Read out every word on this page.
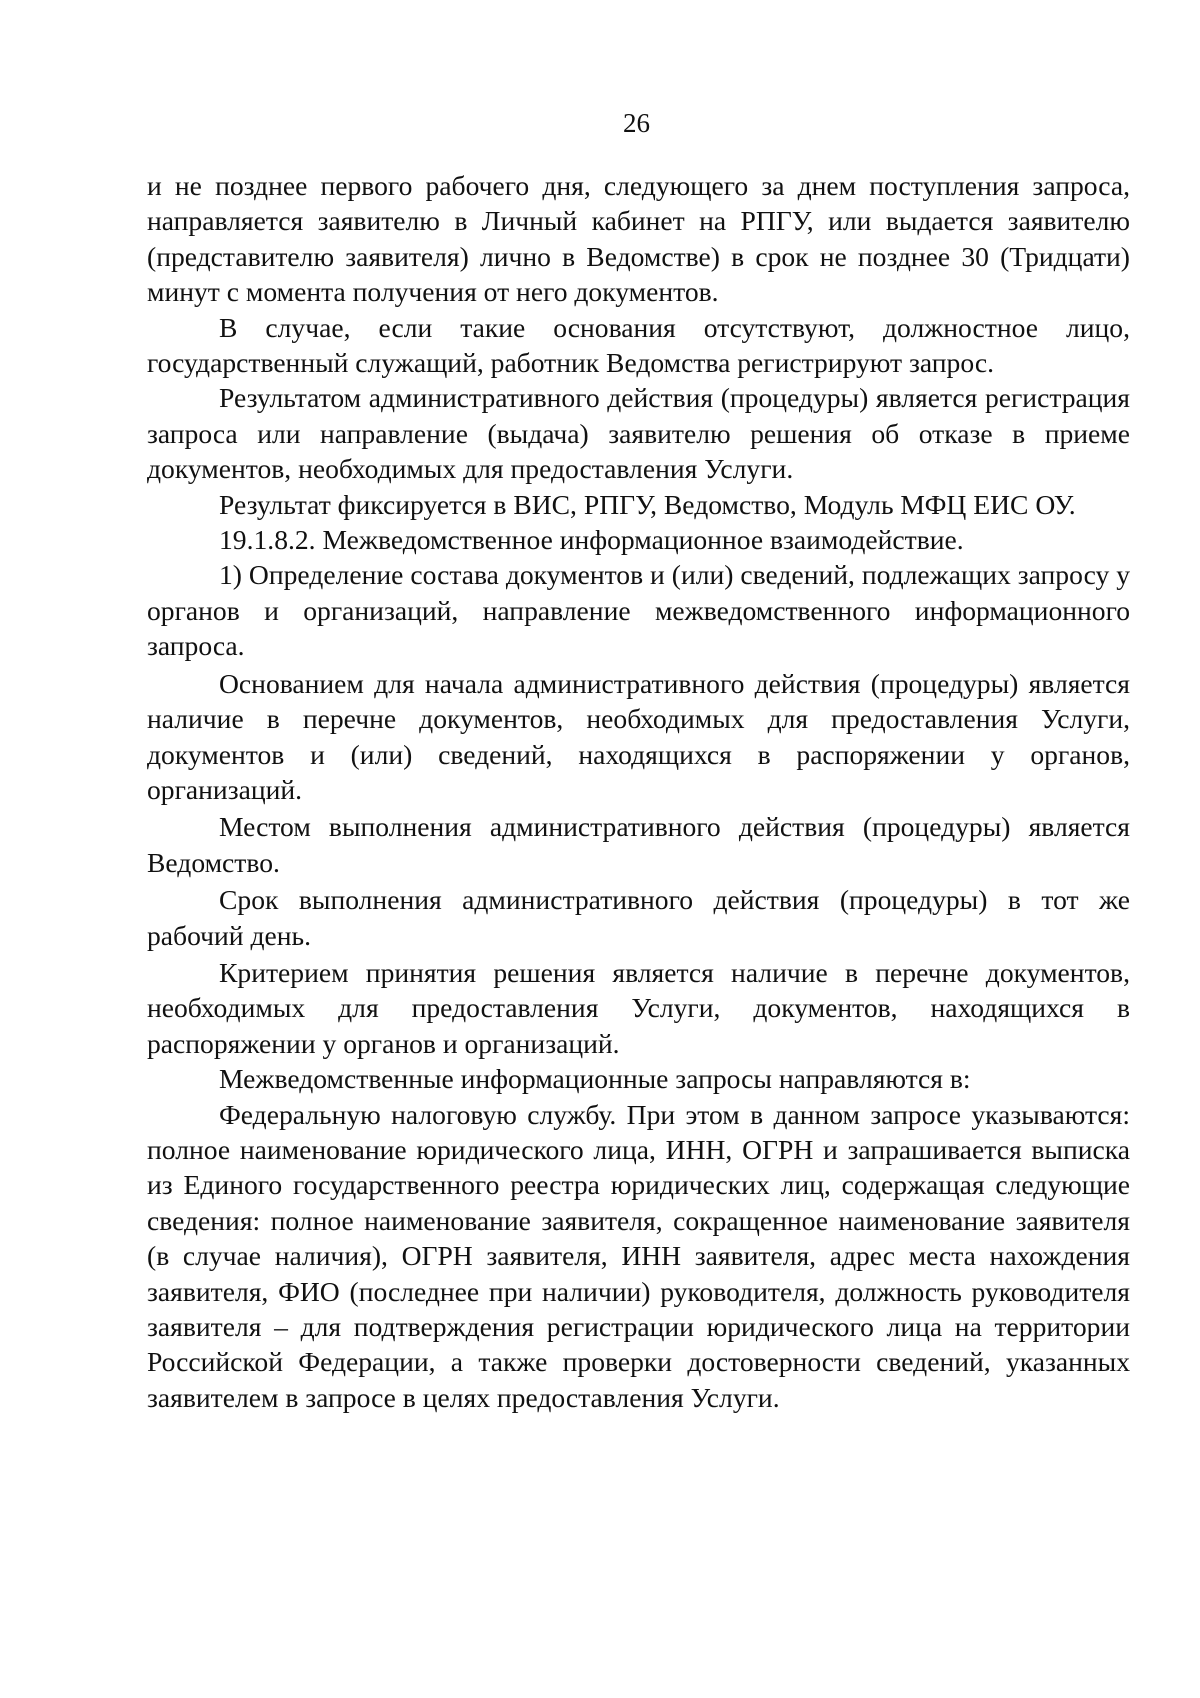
26

и не позднее первого рабочего дня, следующего за днем поступления запроса, направляется заявителю в Личный кабинет на РПГУ, или выдается заявителю (представителю заявителя) лично в Ведомстве) в срок не позднее 30 (Тридцати) минут с момента получения от него документов.

В случае, если такие основания отсутствуют, должностное лицо, государственный служащий, работник Ведомства регистрируют запрос.

Результатом административного действия (процедуры) является регистрация запроса или направление (выдача) заявителю решения об отказе в приеме документов, необходимых для предоставления Услуги.

Результат фиксируется в ВИС, РПГУ, Ведомство, Модуль МФЦ ЕИС ОУ.

19.1.8.2. Межведомственное информационное взаимодействие.

1) Определение состава документов и (или) сведений, подлежащих запросу у органов и организаций, направление межведомственного информационного запроса.

Основанием для начала административного действия (процедуры) является наличие в перечне документов, необходимых для предоставления Услуги, документов и (или) сведений, находящихся в распоряжении у органов, организаций.

Местом выполнения административного действия (процедуры) является Ведомство.

Срок выполнения административного действия (процедуры) в тот же рабочий день.

Критерием принятия решения является наличие в перечне документов, необходимых для предоставления Услуги, документов, находящихся в распоряжении у органов и организаций.

Межведомственные информационные запросы направляются в:

Федеральную налоговую службу. При этом в данном запросе указываются: полное наименование юридического лица, ИНН, ОГРН и запрашивается выписка из Единого государственного реестра юридических лиц, содержащая следующие сведения: полное наименование заявителя, сокращенное наименование заявителя (в случае наличия), ОГРН заявителя, ИНН заявителя, адрес места нахождения заявителя, ФИО (последнее при наличии) руководителя, должность руководителя заявителя – для подтверждения регистрации юридического лица на территории Российской Федерации, а также проверки достоверности сведений, указанных заявителем в запросе в целях предоставления Услуги.
